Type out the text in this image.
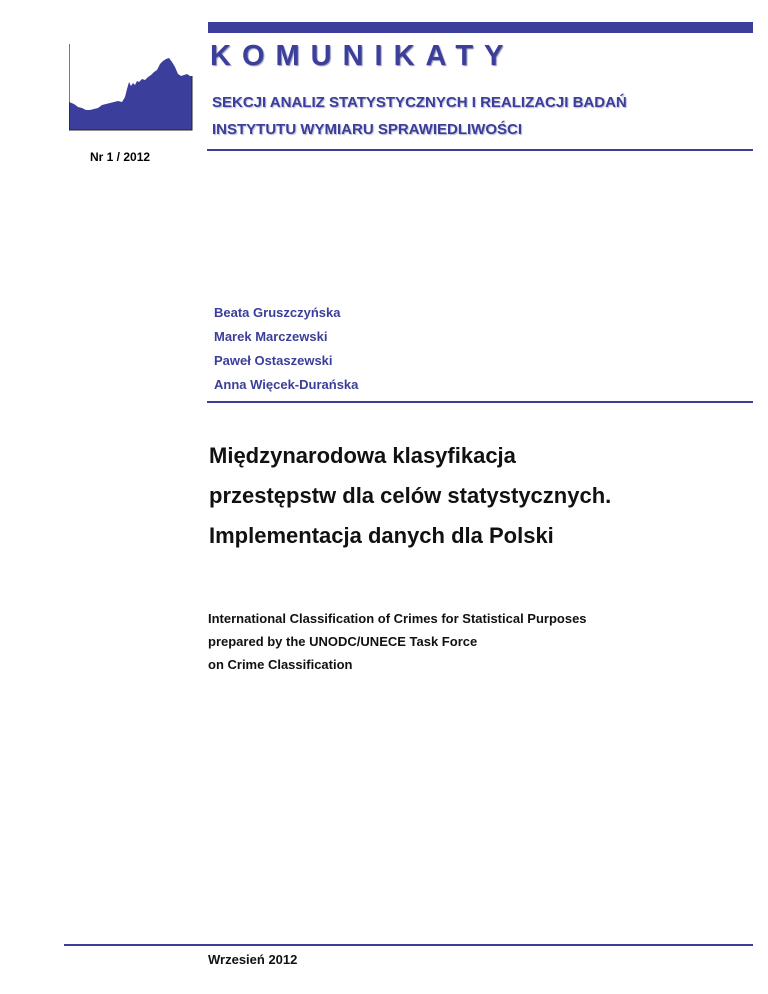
KOMUNIKATY
SEKCJI ANALIZ STATYSTYCZNYCH I REALIZACJI BADAŃ
INSTYTUTU WYMIARU SPRAWIEDLIWOŚCI
Nr 1 / 2012
Beata Gruszczyńska
Marek Marczewski
Paweł Ostaszewski
Anna Więcek-Durańska
Międzynarodowa klasyfikacja
przestępstw dla celów statystycznych.
Implementacja danych dla Polski
International Classification of Crimes for Statistical Purposes
prepared by the UNODC/UNECE Task Force
on Crime Classification
Wrzesień 2012
